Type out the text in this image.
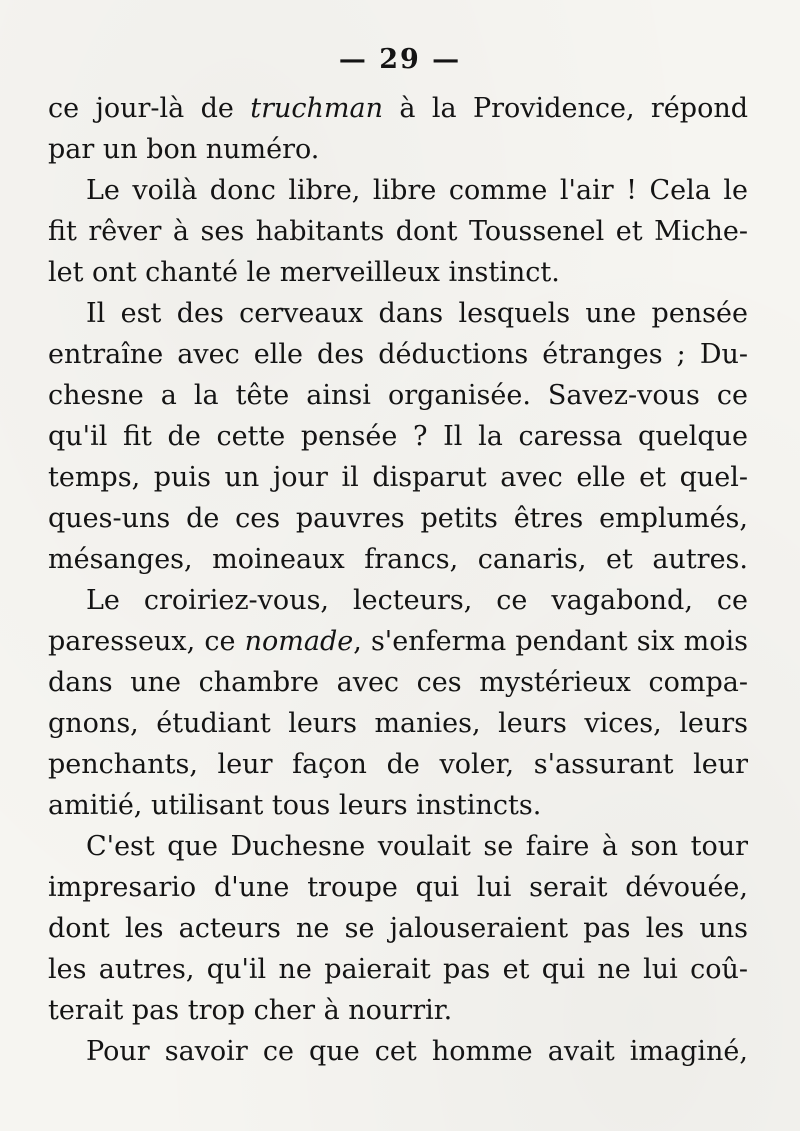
— 29 —
ce jour-là de truchman à la Providence, répond
par un bon numéro.
Le voilà donc libre, libre comme l'air ! Cela le
fit rêver à ses habitants dont Toussenel et Miche-
let ont chanté le merveilleux instinct.
Il est des cerveaux dans lesquels une pensée
entraîne avec elle des déductions étranges ; Du-
chesne a la tête ainsi organisée. Savez-vous ce
qu'il fit de cette pensée ? Il la caressa quelque
temps, puis un jour il disparut avec elle et quel-
ques-uns de ces pauvres petits êtres emplumés,
mésanges, moineaux francs, canaris, et autres.
Le croiriez-vous, lecteurs, ce vagabond, ce
paresseux, ce nomade, s'enferma pendant six mois
dans une chambre avec ces mystérieux compa-
gnons, étudiant leurs manies, leurs vices, leurs
penchants, leur façon de voler, s'assurant leur
amitié, utilisant tous leurs instincts.
C'est que Duchesne voulait se faire à son tour
impresario d'une troupe qui lui serait dévouée,
dont les acteurs ne se jalouseraient pas les uns
les autres, qu'il ne paierait pas et qui ne lui coû-
terait pas trop cher à nourrir.
Pour savoir ce que cet homme avait imaginé,
